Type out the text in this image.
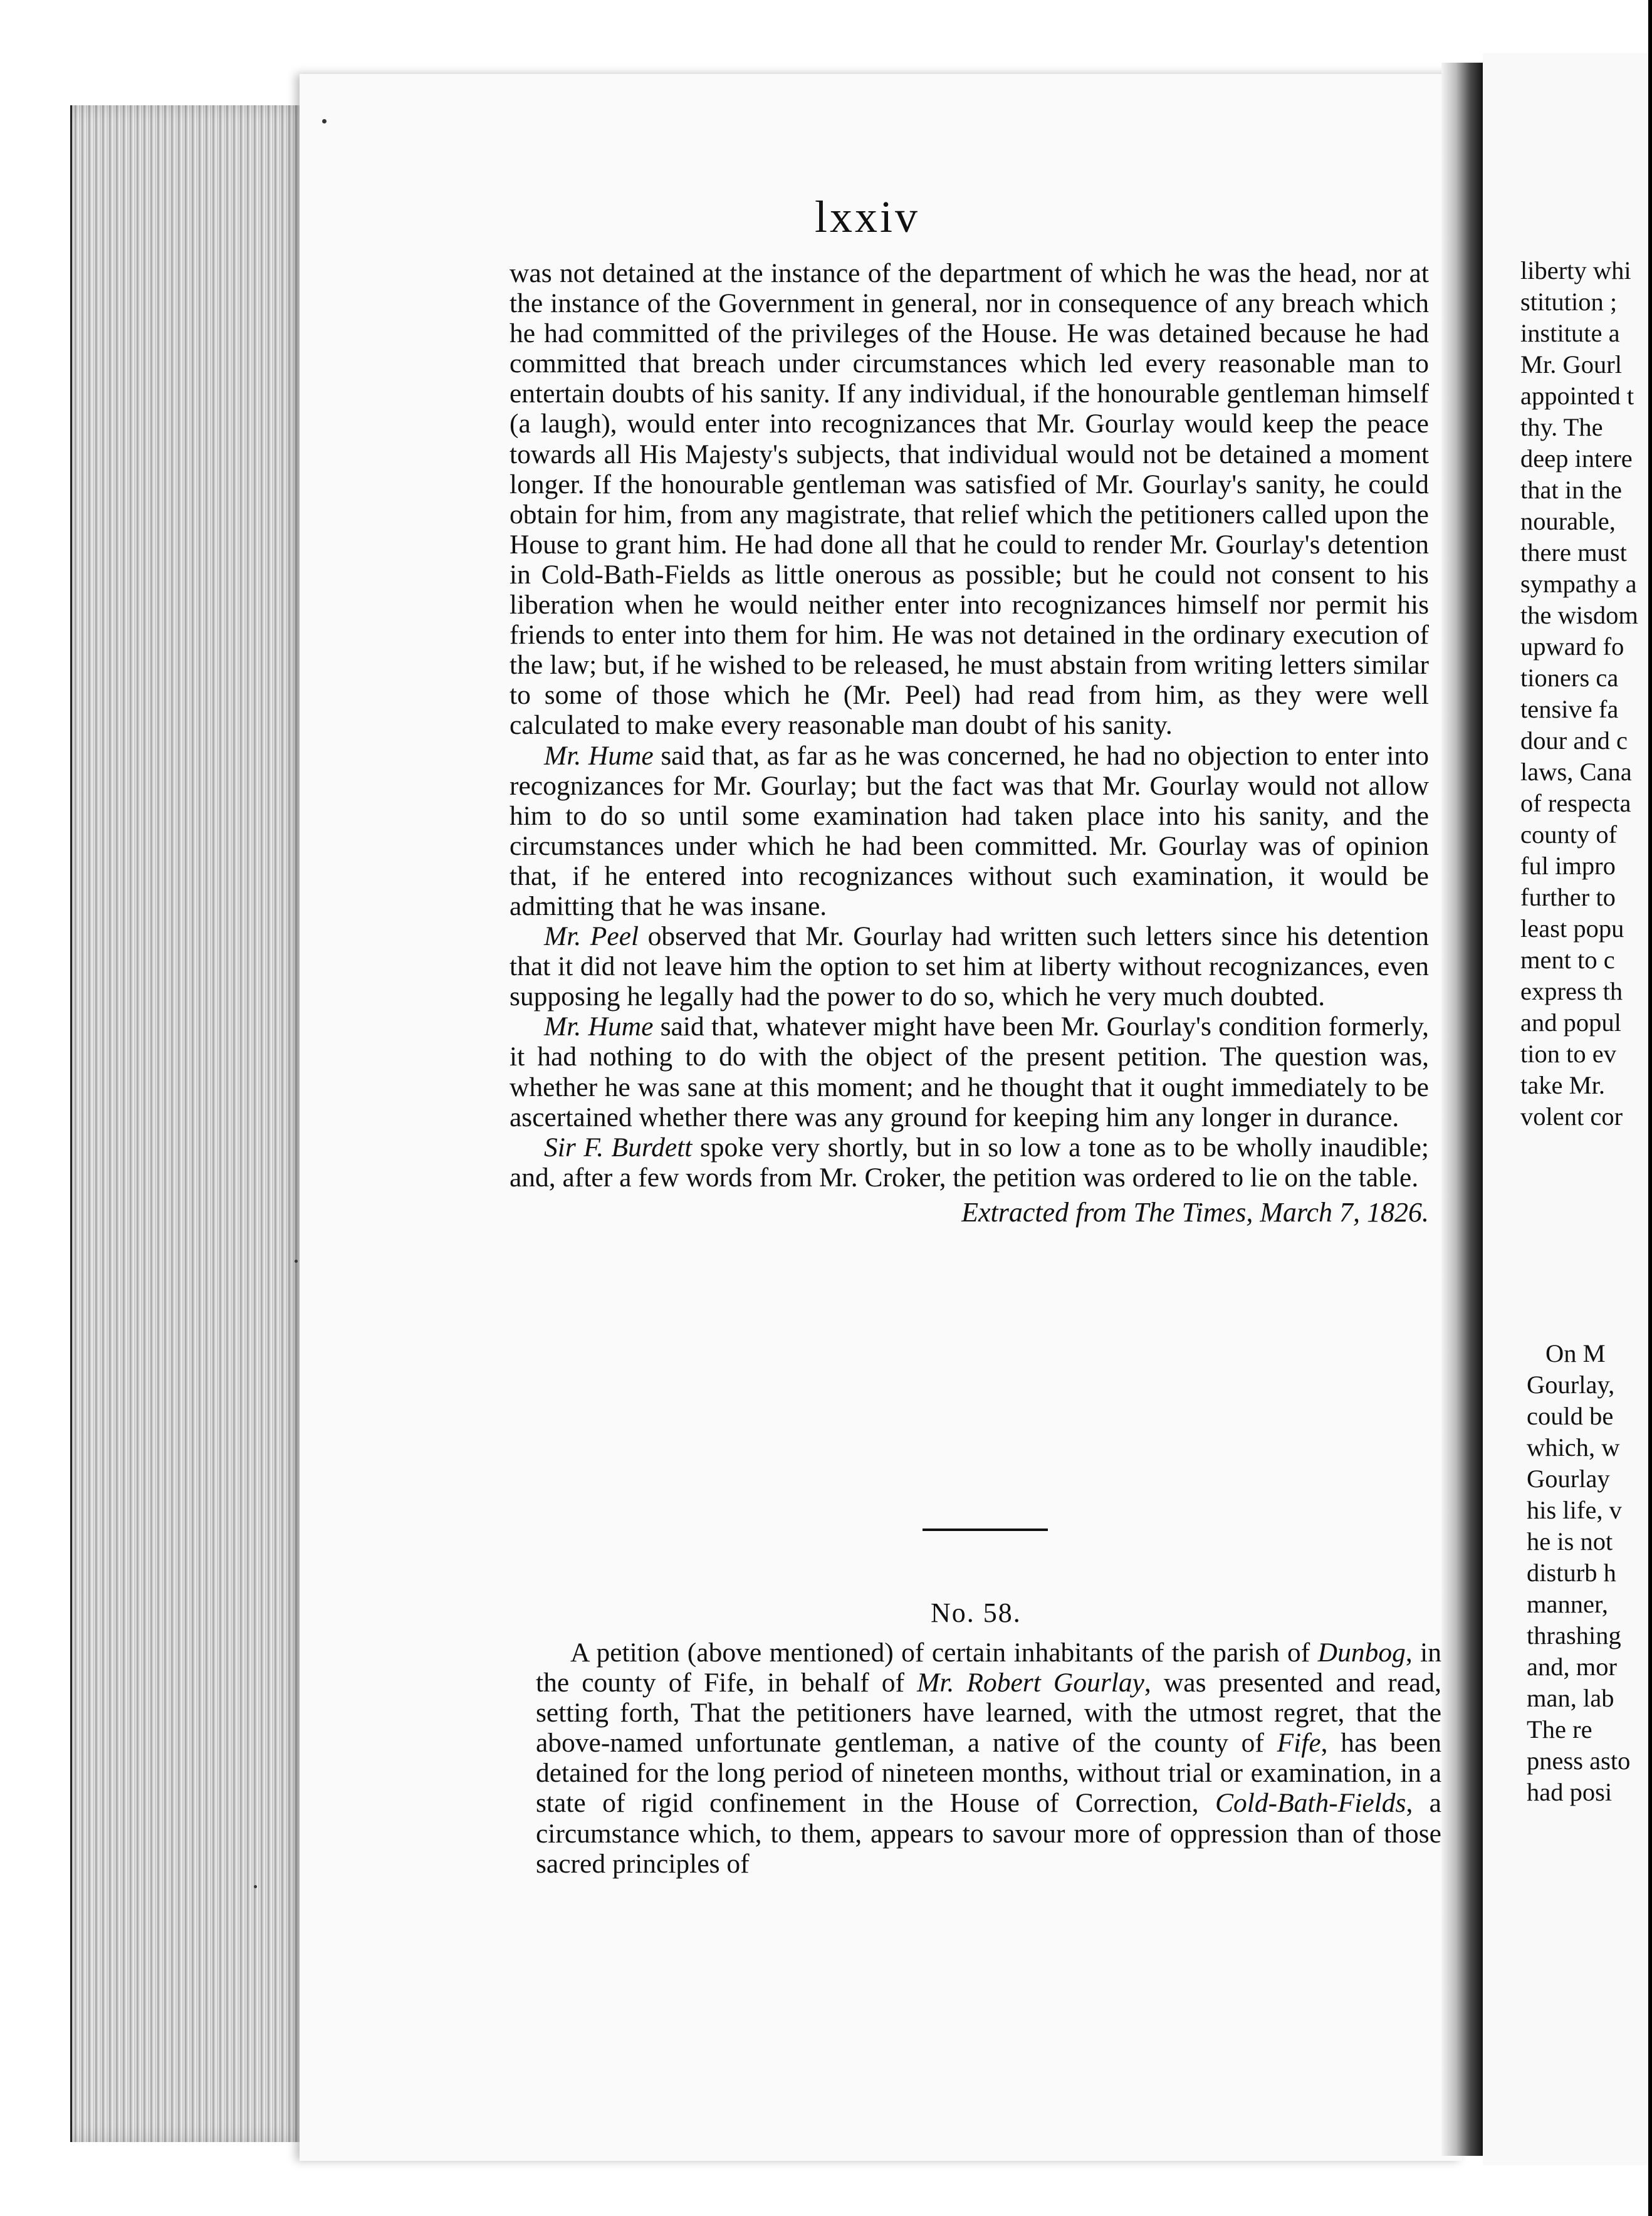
liberty whi

stitution ;

institute a

Mr. Gourl

appointed t

thy. The

deep intere

that in the

nourable,

there must

sympathy a

the wisdom

upward fo

tioners ca

tensive fa

dour and c

laws, Cana

of respecta

county of

ful impro

further to

least popu

ment to c

express th

and popul

tion to ev

take Mr.

volent cor

On M

Gourlay,

could be

which, w

Gourlay

his life, v

he is not

disturb h

manner,

thrashing

and, mor

man, lab

The re

pness asto

had posi

lxxiv

was not detained at the instance of the department of which he was the head, nor at the instance of the Government in general, nor in consequence of any breach which he had committed of the privileges of the House. He was detained because he had committed that breach under circumstances which led every reasonable man to entertain doubts of his sanity. If any individual, if the honourable gentleman himself (a laugh), would enter into recognizances that Mr. Gourlay would keep the peace towards all His Majesty's subjects, that individual would not be detained a moment longer. If the honourable gentleman was satisfied of Mr. Gourlay's sanity, he could obtain for him, from any magistrate, that relief which the petitioners called upon the House to grant him. He had done all that he could to render Mr. Gourlay's detention in Cold-Bath-Fields as little onerous as possible; but he could not consent to his liberation when he would neither enter into recognizances himself nor permit his friends to enter into them for him. He was not detained in the ordinary execution of the law; but, if he wished to be released, he must abstain from writing letters similar to some of those which he (Mr. Peel) had read from him, as they were well calculated to make every reasonable man doubt of his sanity.

Mr. Hume said that, as far as he was concerned, he had no objection to enter into recognizances for Mr. Gourlay; but the fact was that Mr. Gourlay would not allow him to do so until some examination had taken place into his sanity, and the circumstances under which he had been committed. Mr. Gourlay was of opinion that, if he entered into recognizances without such examination, it would be admitting that he was insane.

Mr. Peel observed that Mr. Gourlay had written such letters since his detention that it did not leave him the option to set him at liberty without recognizances, even supposing he legally had the power to do so, which he very much doubted.

Mr. Hume said that, whatever might have been Mr. Gourlay's condition formerly, it had nothing to do with the object of the present petition. The question was, whether he was sane at this moment; and he thought that it ought immediately to be ascertained whether there was any ground for keeping him any longer in durance.

Sir F. Burdett spoke very shortly, but in so low a tone as to be wholly inaudible; and, after a few words from Mr. Croker, the petition was ordered to lie on the table.

Extracted from The Times, March 7, 1826.

No. 58.

A petition (above mentioned) of certain inhabitants of the parish of Dunbog, in the county of Fife, in behalf of Mr. Robert Gourlay, was presented and read, setting forth, That the petitioners have learned, with the utmost regret, that the above-named unfortunate gentleman, a native of the county of Fife, has been detained for the long period of nineteen months, without trial or examination, in a state of rigid confinement in the House of Correction, Cold-Bath-Fields, a circumstance which, to them, appears to savour more of oppression than of those sacred principles of
